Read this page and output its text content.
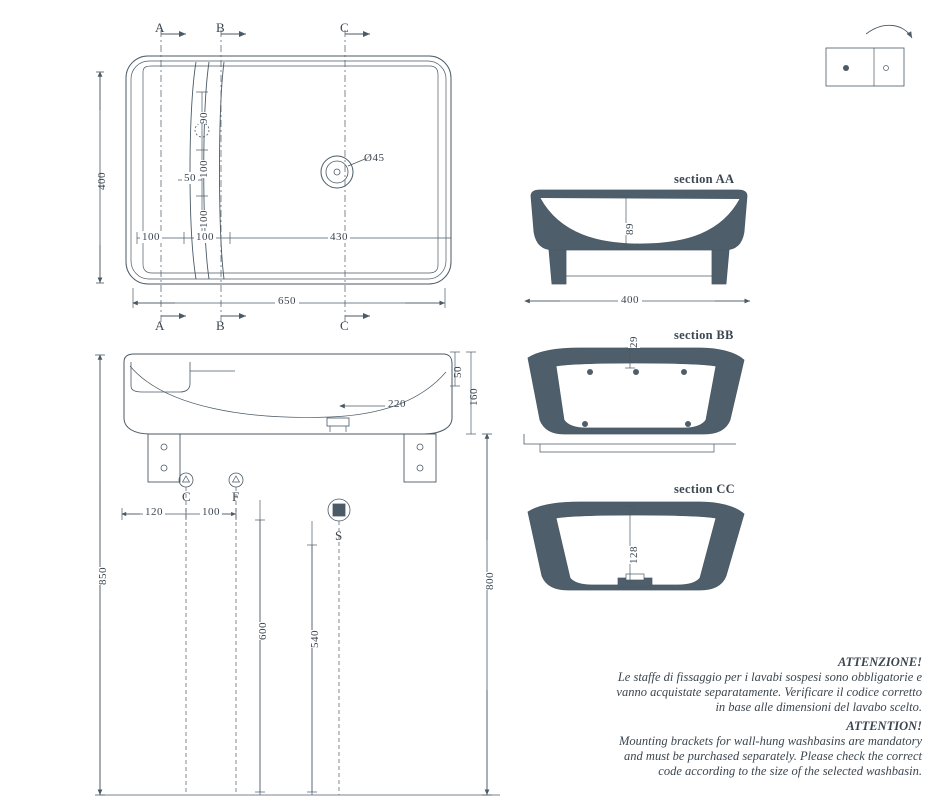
A	B	C
A	B	C
400
650
100	100	430
50
90
100
100
Ø45
220
50
160
120	100
600	540
800
850
C	F
S
section AA
89
400
section BB
29
section CC
128
ATTENZIONE!
Le staffe di fissaggio per i lavabi sospesi sono obbligatorie e
vanno acquistate separatamente. Verificare il codice corretto
in base alle dimensioni del lavabo scelto.
ATTENTION!
Mounting brackets for wall-hung washbasins are mandatory
and must be purchased separately. Please check the correct
code according to the size of the selected washbasin.
